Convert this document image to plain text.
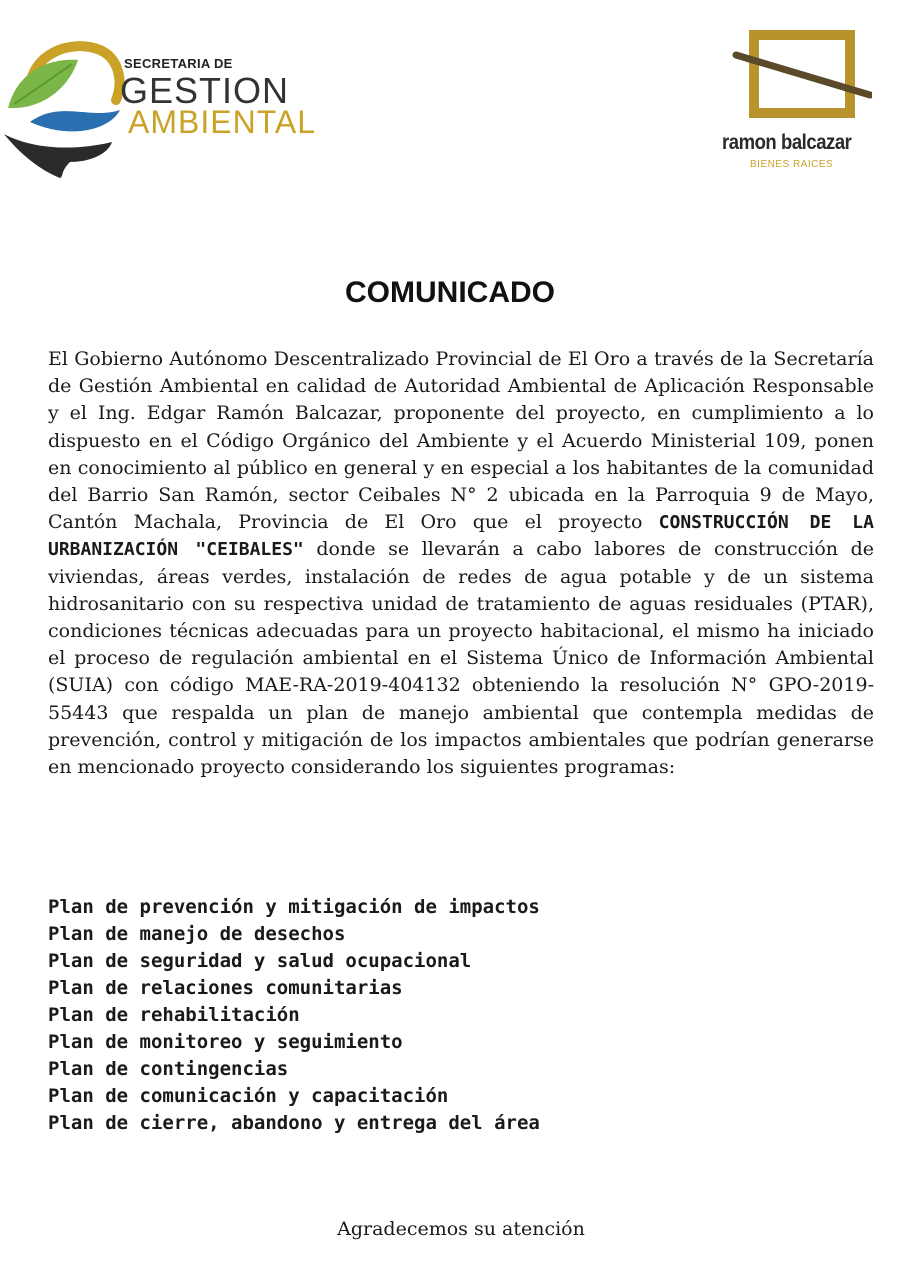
SECRETARIA DE
GESTION
AMBIENTAL
ramon balcazar
BIENES RAICES
COMUNICADO

El Gobierno Autónomo Descentralizado Provincial de El Oro a través de la Secretaría de Gestión Ambiental en calidad de Autoridad Ambiental de Aplicación Responsable y el Ing. Edgar Ramón Balcazar, proponente del proyecto, en cumplimiento a lo dispuesto en el Código Orgánico del Ambiente y el Acuerdo Ministerial 109, ponen en conocimiento al público en general y en especial a los habitantes de la comunidad del Barrio San Ramón, sector Ceibales N° 2 ubicada en la Parroquia 9 de Mayo, Cantón Machala, Provincia de El Oro que el proyecto CONSTRUCCIÓN DE LA URBANIZACIÓN "CEIBALES" donde se llevarán a cabo labores de construcción de viviendas, áreas verdes, instalación de redes de agua potable y de un sistema hidrosanitario con su respectiva unidad de tratamiento de aguas residuales (PTAR), condiciones técnicas adecuadas para un proyecto habitacional, el mismo ha iniciado el proceso de regulación ambiental en el Sistema Único de Información Ambiental (SUIA) con código MAE-RA-2019-404132 obteniendo la resolución N° GPO-2019-55443 que respalda un plan de manejo ambiental que contempla medidas de prevención, control y mitigación de los impactos ambientales que podrían generarse en mencionado proyecto considerando los siguientes programas:

Plan de prevención y mitigación de impactos
Plan de manejo de desechos
Plan de seguridad y salud ocupacional
Plan de relaciones comunitarias
Plan de rehabilitación
Plan de monitoreo y seguimiento
Plan de contingencias
Plan de comunicación y capacitación
Plan de cierre, abandono y entrega del área
Agradecemos su atención
